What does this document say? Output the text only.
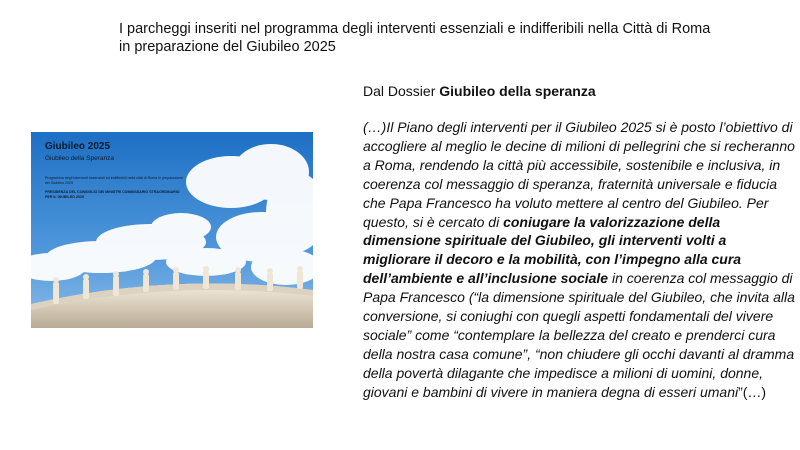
I parcheggi inseriti nel programma degli interventi essenziali e indifferibili nella Città di Roma in preparazione del Giubileo 2025
Giubileo 2025
Giubileo della Speranza
Programma degli interventi essenziali ed indifferibili nella città di Roma in preparazione del Giubileo 2025
PRESIDENZA DEL CONSIGLIO DEI MINISTRI COMMISSARIO STRAORDINARIO PER IL GIUBILEO 2025

Dal Dossier Giubileo della speranza

(…)Il Piano degli interventi per il Giubileo 2025 si è posto l’obiettivo di accogliere al meglio le decine di milioni di pellegrini che si recheranno a Roma, rendendo la città più accessibile, sostenibile e inclusiva, in coerenza col messaggio di speranza, fraternità universale e fiducia che Papa Francesco ha voluto mettere al centro del Giubileo. Per questo, si è cercato di coniugare la valorizzazione della dimensione spirituale del Giubileo, gli interventi volti a migliorare il decoro e la mobilità, con l’impegno alla cura dell’ambiente e all’inclusione sociale in coerenza col messaggio di Papa Francesco (“la dimensione spirituale del Giubileo, che invita alla conversione, si coniughi con quegli aspetti fondamentali del vivere sociale” come “contemplare la bellezza del creato e prenderci cura della nostra casa comune”, “non chiudere gli occhi davanti al dramma della povertà dilagante che impedisce a milioni di uomini, donne, giovani e bambini di vivere in maniera degna di esseri umani”(…)
